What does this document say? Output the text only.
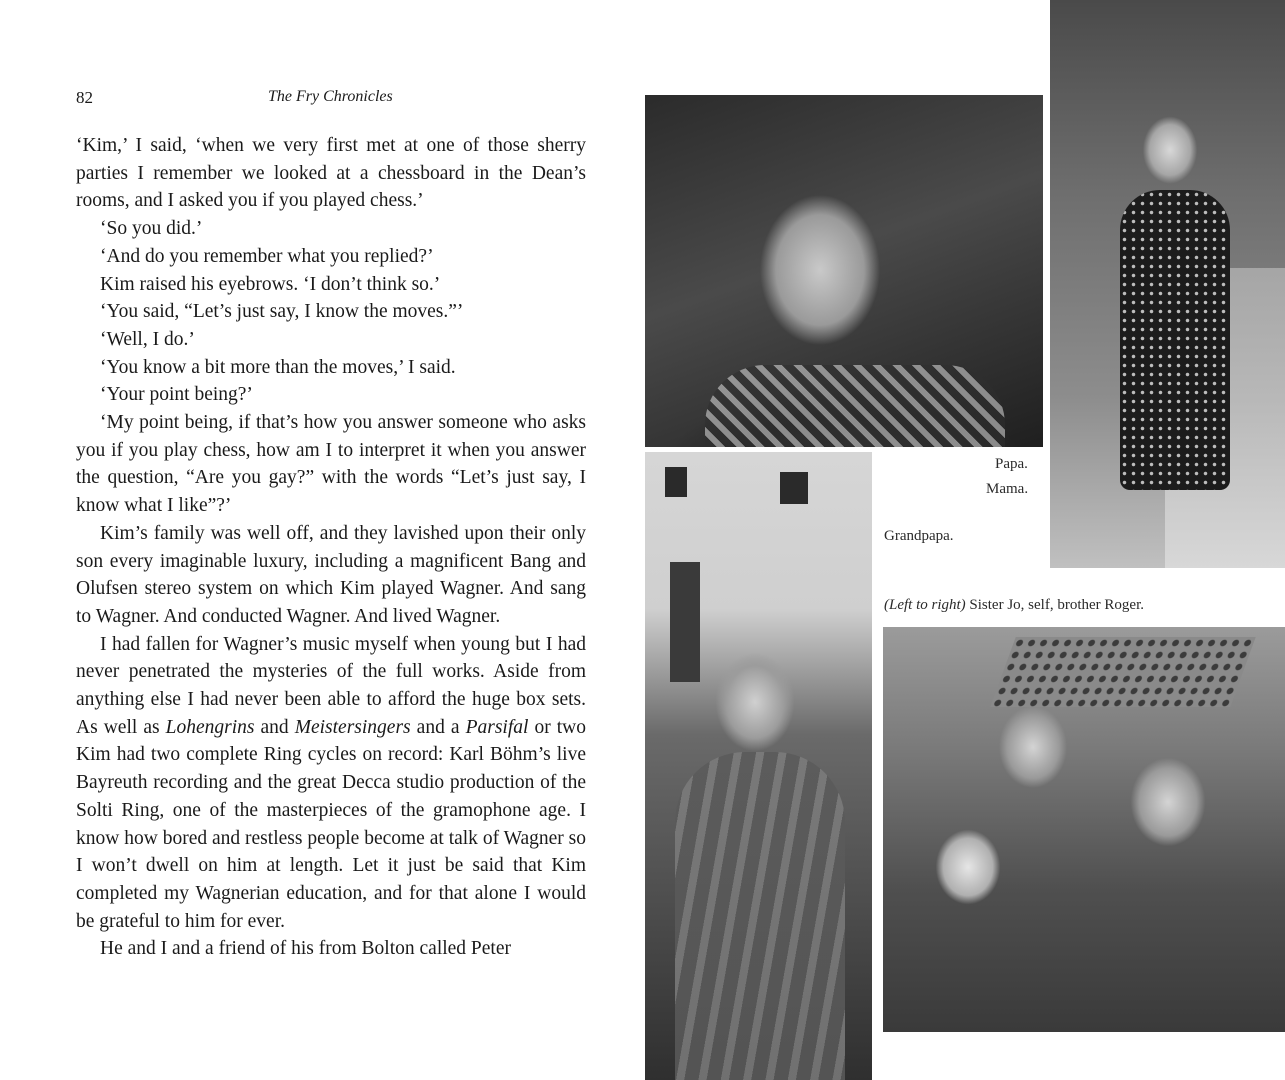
82	The Fry Chronicles

‘Kim,’ I said, ‘when we very first met at one of those sherry parties I remember we looked at a chessboard in the Dean’s rooms, and I asked you if you played chess.’

‘So you did.’

‘And do you remember what you replied?’

Kim raised his eyebrows. ‘I don’t think so.’

‘You said, “Let’s just say, I know the moves.”’

‘Well, I do.’

‘You know a bit more than the moves,’ I said.

‘Your point being?’

‘My point being, if that’s how you answer someone who asks you if you play chess, how am I to interpret it when you answer the question, “Are you gay?” with the words “Let’s just say, I know what I like”?’

Kim’s family was well off, and they lavished upon their only son every imaginable luxury, including a magnificent Bang and Olufsen stereo system on which Kim played Wagner. And sang to Wagner. And conducted Wagner. And lived Wagner.

I had fallen for Wagner’s music myself when young but I had never penetrated the mysteries of the full works. Aside from anything else I had never been able to afford the huge box sets. As well as Lohengrins and Meistersingers and a Parsifal or two Kim had two complete Ring cycles on record: Karl Böhm’s live Bayreuth recording and the great Decca studio production of the Solti Ring, one of the masterpieces of the gramophone age. I know how bored and restless people become at talk of Wagner so I won’t dwell on him at length. Let it just be said that Kim completed my Wagnerian education, and for that alone I would be grateful to him for ever.

He and I and a friend of his from Bolton called Peter

Papa.
Mama.
Grandpapa.
(Left to right) Sister Jo, self, brother Roger.
